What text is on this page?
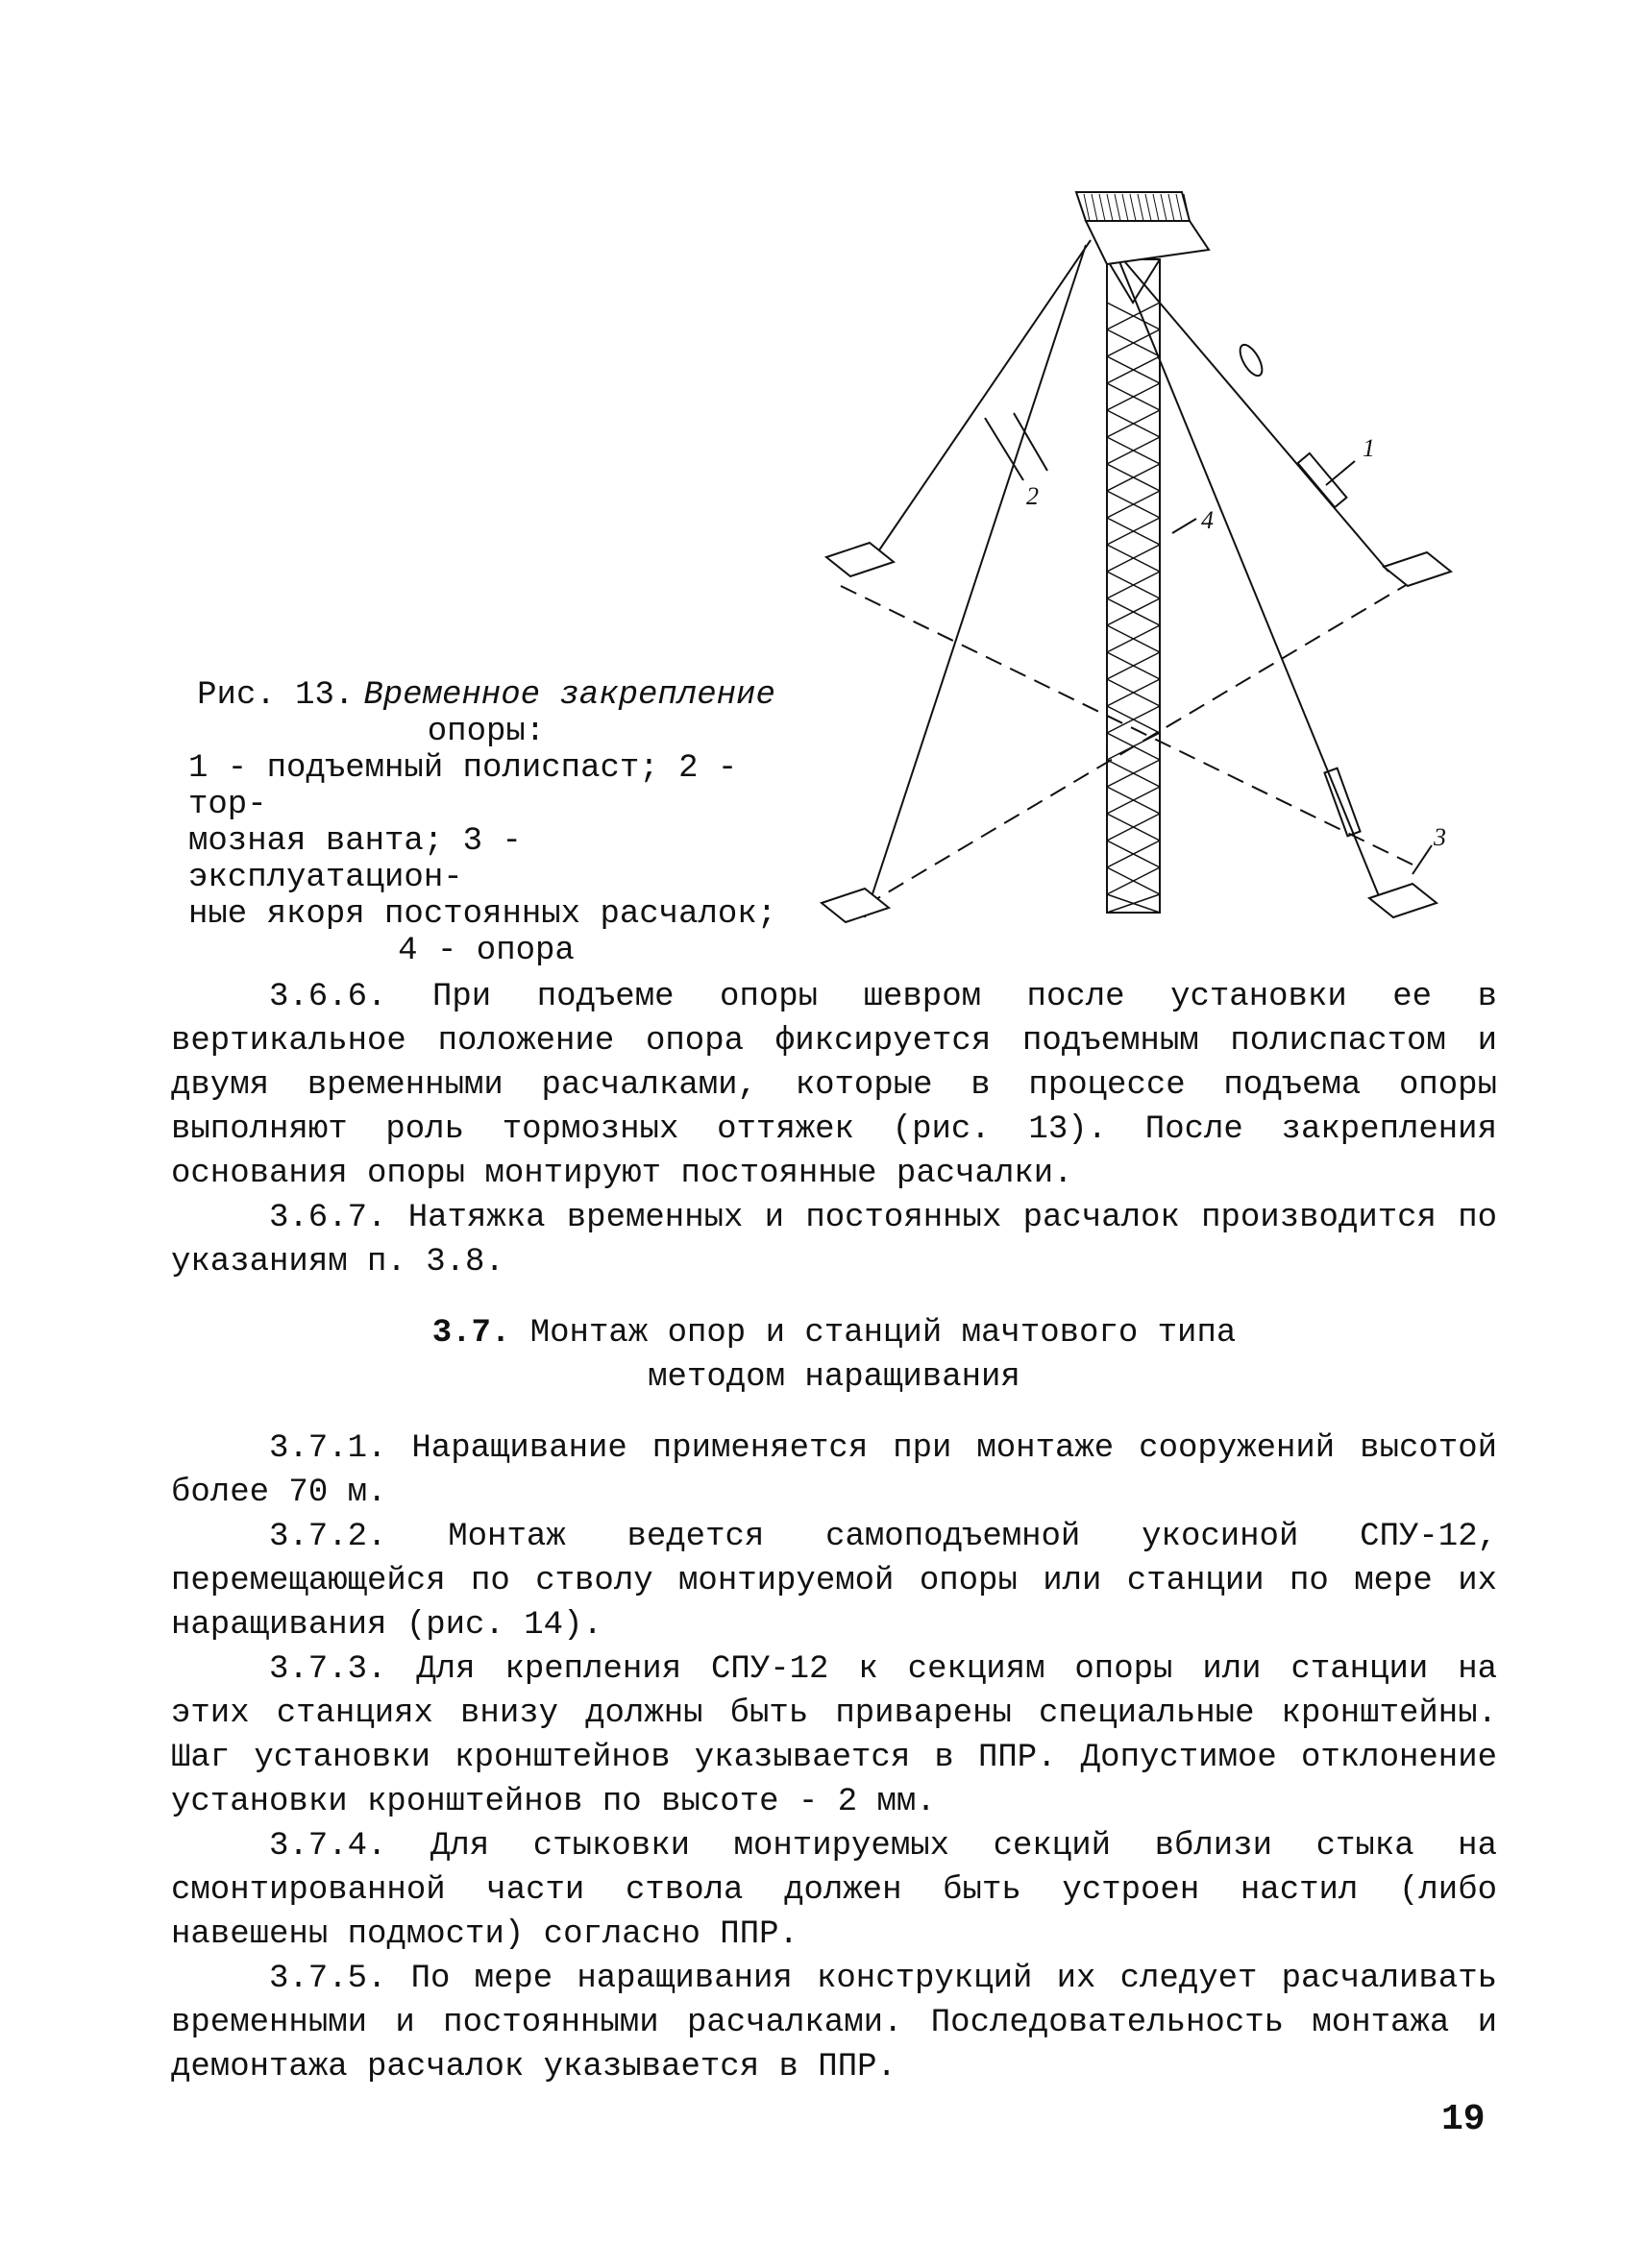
1
2
3
4
Рис. 13. Временное закрепление
опоры:
1 - подъемный полиспаст; 2 - тор-
мозная ванта; 3 - эксплуатацион-
ные якоря постоянных расчалок;
4 - опора

3.6.6. При подъеме опоры шевром после установки ее в вертикальное положение опора фиксируется подъемным полиспастом и двумя временными расчалками, которые в процессе подъема опоры выполняют роль тормозных оттяжек (рис. 13). После закрепления основания опоры монтируют постоянные расчалки.

3.6.7. Натяжка временных и постоянных расчалок производится по указаниям п. 3.8.

3.7. Монтаж опор и станций мачтового типа
методом наращивания

3.7.1. Наращивание применяется при монтаже сооружений высотой более 70 м.

3.7.2. Монтаж ведется самоподъемной укосиной СПУ-12, перемещающейся по стволу монтируемой опоры или станции по мере их наращивания (рис. 14).

3.7.3. Для крепления СПУ-12 к секциям опоры или станции на этих станциях внизу должны быть приварены специальные кронштейны. Шаг установки кронштейнов указывается в ППР. Допустимое отклонение установки кронштейнов по высоте - 2 мм.

3.7.4. Для стыковки монтируемых секций вблизи стыка на смонтированной части ствола должен быть устроен настил (либо навешены подмости) согласно ППР.

3.7.5. По мере наращивания конструкций их следует расчаливать временными и постоянными расчалками. Последовательность монтажа и демонтажа расчалок указывается в ППР.

19
